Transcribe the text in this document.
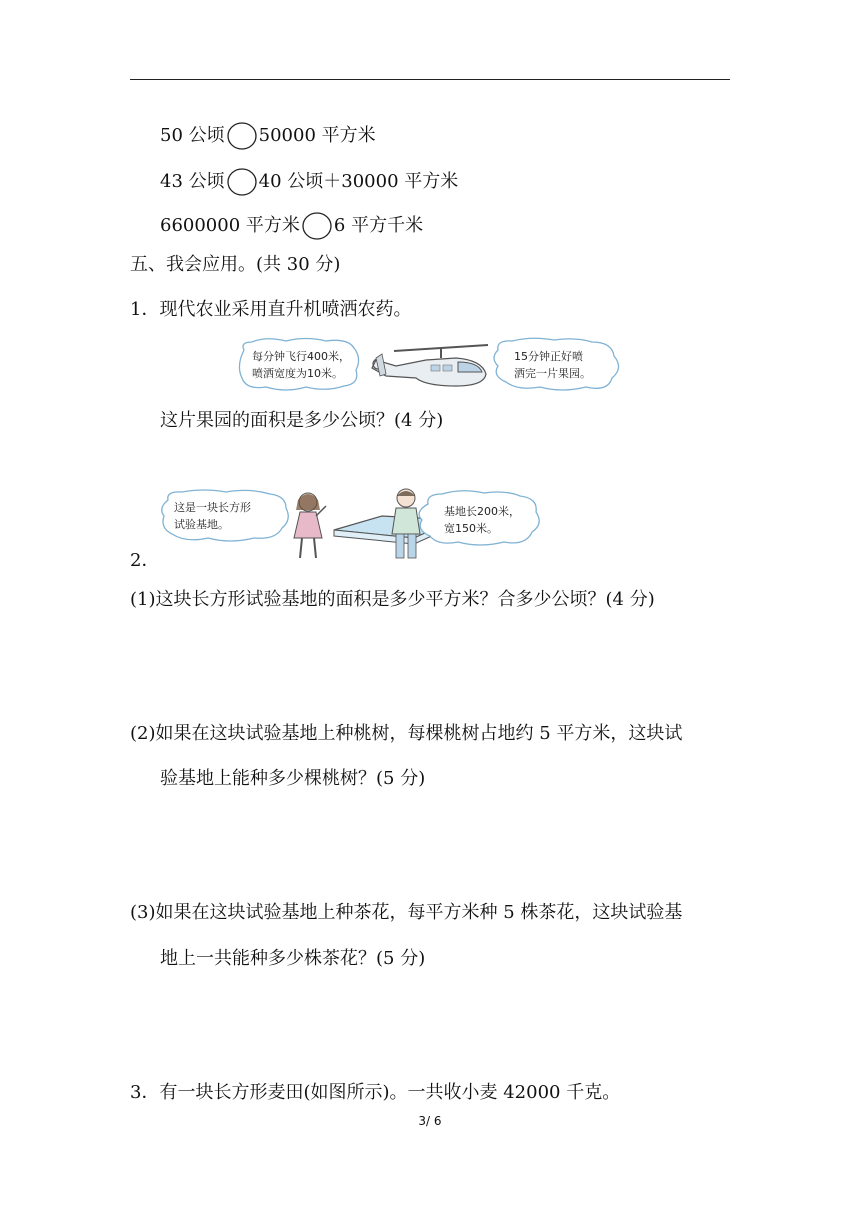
50 公顷 50000 平方米
43 公顷 40 公顷＋30000 平方米
6600000 平方米 6 平方千米
五、我会应用。(共 30 分)
1．现代农业采用直升机喷洒农药。
每分钟飞行400米，
喷洒宽度为10米。
15分钟正好喷
洒完一片果园。
这片果园的面积是多少公顷？(4 分)
这是一块长方形
试验基地。
基地长200米，
宽150米。
2．
(1)这块长方形试验基地的面积是多少平方米？合多少公顷？(4 分)
(2)如果在这块试验基地上种桃树，每棵桃树占地约 5 平方米，这块试
验基地上能种多少棵桃树？(5 分)
(3)如果在这块试验基地上种茶花，每平方米种 5 株茶花，这块试验基
地上一共能种多少株茶花？(5 分)
3．有一块长方形麦田(如图所示)。一共收小麦 42000 千克。
3/ 6
